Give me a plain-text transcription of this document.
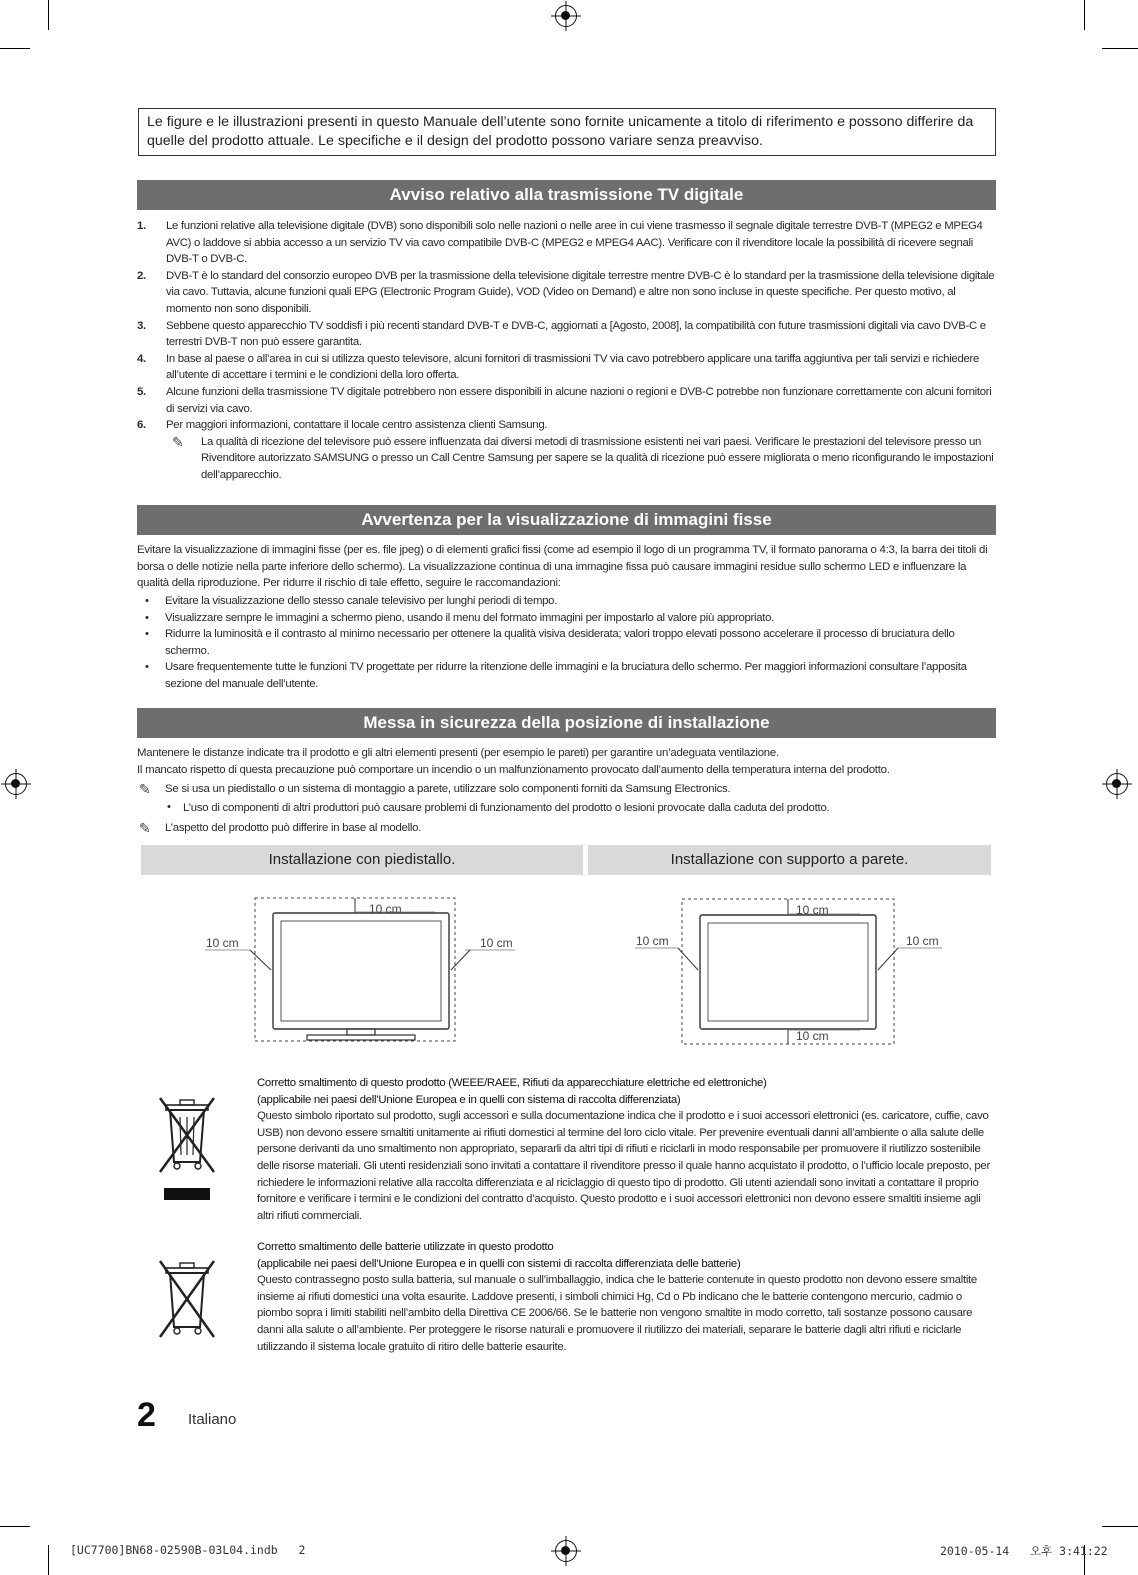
Le figure e le illustrazioni presenti in questo Manuale dell’utente sono fornite unicamente a titolo di riferimento e possono differire da quelle del prodotto attuale. Le specifiche e il design del prodotto possono variare senza preavviso.
Avviso relativo alla trasmissione TV digitale
1. Le funzioni relative alla televisione digitale (DVB) sono disponibili solo nelle nazioni o nelle aree in cui viene trasmesso il segnale digitale terrestre DVB-T (MPEG2 e MPEG4 AVC) o laddove si abbia accesso a un servizio TV via cavo compatibile DVB-C (MPEG2 e MPEG4 AAC). Verificare con il rivenditore locale la possibilità di ricevere segnali DVB-T o DVB-C.
2. DVB-T è lo standard del consorzio europeo DVB per la trasmissione della televisione digitale terrestre mentre DVB-C è lo standard per la trasmissione della televisione digitale via cavo. Tuttavia, alcune funzioni quali EPG (Electronic Program Guide), VOD (Video on Demand) e altre non sono incluse in queste specifiche. Per questo motivo, al momento non sono disponibili.
3. Sebbene questo apparecchio TV soddisfi i più recenti standard DVB-T e DVB-C, aggiornati a [Agosto, 2008], la compatibilità con future trasmissioni digitali via cavo DVB-C e terrestri DVB-T non può essere garantita.
4. In base al paese o all’area in cui si utilizza questo televisore, alcuni fornitori di trasmissioni TV via cavo potrebbero applicare una tariffa aggiuntiva per tali servizi e richiedere all’utente di accettare i termini e le condizioni della loro offerta.
5. Alcune funzioni della trasmissione TV digitale potrebbero non essere disponibili in alcune nazioni o regioni e DVB-C potrebbe non funzionare correttamente con alcuni fornitori di servizi via cavo.
6. Per maggiori informazioni, contattare il locale centro assistenza clienti Samsung.
✎ La qualità di ricezione del televisore può essere influenzata dai diversi metodi di trasmissione esistenti nei vari paesi. Verificare le prestazioni del televisore presso un Rivenditore autorizzato SAMSUNG o presso un Call Centre Samsung per sapere se la qualità di ricezione può essere migliorata o meno riconfigurando le impostazioni dell’apparecchio.
Avvertenza per la visualizzazione di immagini fisse
Evitare la visualizzazione di immagini fisse (per es. file jpeg) o di elementi grafici fissi (come ad esempio il logo di un programma TV, il formato panorama o 4:3, la barra dei titoli di borsa o delle notizie nella parte inferiore dello schermo). La visualizzazione continua di una immagine fissa può causare immagini residue sullo schermo LED e influenzare la qualità della riproduzione. Per ridurre il rischio di tale effetto, seguire le raccomandazioni:
• Evitare la visualizzazione dello stesso canale televisivo per lunghi periodi di tempo.
• Visualizzare sempre le immagini a schermo pieno, usando il menu del formato immagini per impostarlo al valore più appropriato.
• Ridurre la luminosità e il contrasto al minimo necessario per ottenere la qualità visiva desiderata; valori troppo elevati possono accelerare il processo di bruciatura dello schermo.
• Usare frequentemente tutte le funzioni TV progettate per ridurre la ritenzione delle immagini e la bruciatura dello schermo. Per maggiori informazioni consultare l’apposita sezione del manuale dell’utente.
Messa in sicurezza della posizione di installazione
Mantenere le distanze indicate tra il prodotto e gli altri elementi presenti (per esempio le pareti) per garantire un’adeguata ventilazione.
Il mancato rispetto di questa precauzione può comportare un incendio o un malfunzionamento provocato dall’aumento della temperatura interna del prodotto.
✎ Se si usa un piedistallo o un sistema di montaggio a parete, utilizzare solo componenti forniti da Samsung Electronics.
• L’uso di componenti di altri produttori può causare problemi di funzionamento del prodotto o lesioni provocate dalla caduta del prodotto.
✎ L’aspetto del prodotto può differire in base al modello.
Installazione con piedistallo.	Installazione con supporto a parete.
10 cm
10 cm	10 cm
10 cm
10 cm	10 cm
10 cm
Corretto smaltimento di questo prodotto (WEEE/RAEE, Rifiuti da apparecchiature elettriche ed elettroniche)
(applicabile nei paesi dell’Unione Europea e in quelli con sistema di raccolta differenziata)
Questo simbolo riportato sul prodotto, sugli accessori e sulla documentazione indica che il prodotto e i suoi accessori elettronici (es. caricatore, cuffie, cavo USB) non devono essere smaltiti unitamente ai rifiuti domestici al termine del loro ciclo vitale. Per prevenire eventuali danni all’ambiente o alla salute delle persone derivanti da uno smaltimento non appropriato, separarli da altri tipi di rifiuti e riciclarli in modo responsabile per promuovere il riutilizzo sostenibile delle risorse materiali. Gli utenti residenziali sono invitati a contattare il rivenditore presso il quale hanno acquistato il prodotto, o l’ufficio locale preposto, per richiedere le informazioni relative alla raccolta differenziata e al riciclaggio di questo tipo di prodotto. Gli utenti aziendali sono invitati a contattare il proprio fornitore e verificare i termini e le condizioni del contratto d’acquisto. Questo prodotto e i suoi accessori elettronici non devono essere smaltiti insieme agli altri rifiuti commerciali.
Corretto smaltimento delle batterie utilizzate in questo prodotto
(applicabile nei paesi dell’Unione Europea e in quelli con sistemi di raccolta differenziata delle batterie)
Questo contrassegno posto sulla batteria, sul manuale o sull’imballaggio, indica che le batterie contenute in questo prodotto non devono essere smaltite insieme ai rifiuti domestici una volta esaurite. Laddove presenti, i simboli chimici Hg, Cd o Pb indicano che le batterie contengono mercurio, cadmio o piombo sopra i limiti stabiliti nell’ambito della Direttiva CE 2006/66. Se le batterie non vengono smaltite in modo corretto, tali sostanze possono causare danni alla salute o all’ambiente. Per proteggere le risorse naturali e promuovere il riutilizzo dei materiali, separare le batterie dagli altri rifiuti e riciclarle utilizzando il sistema locale gratuito di ritiro delle batterie esaurite.
2 Italiano
[UC7700]BN68-02590B-03L04.indb   2	2010-05-14   오후 3:41:22
